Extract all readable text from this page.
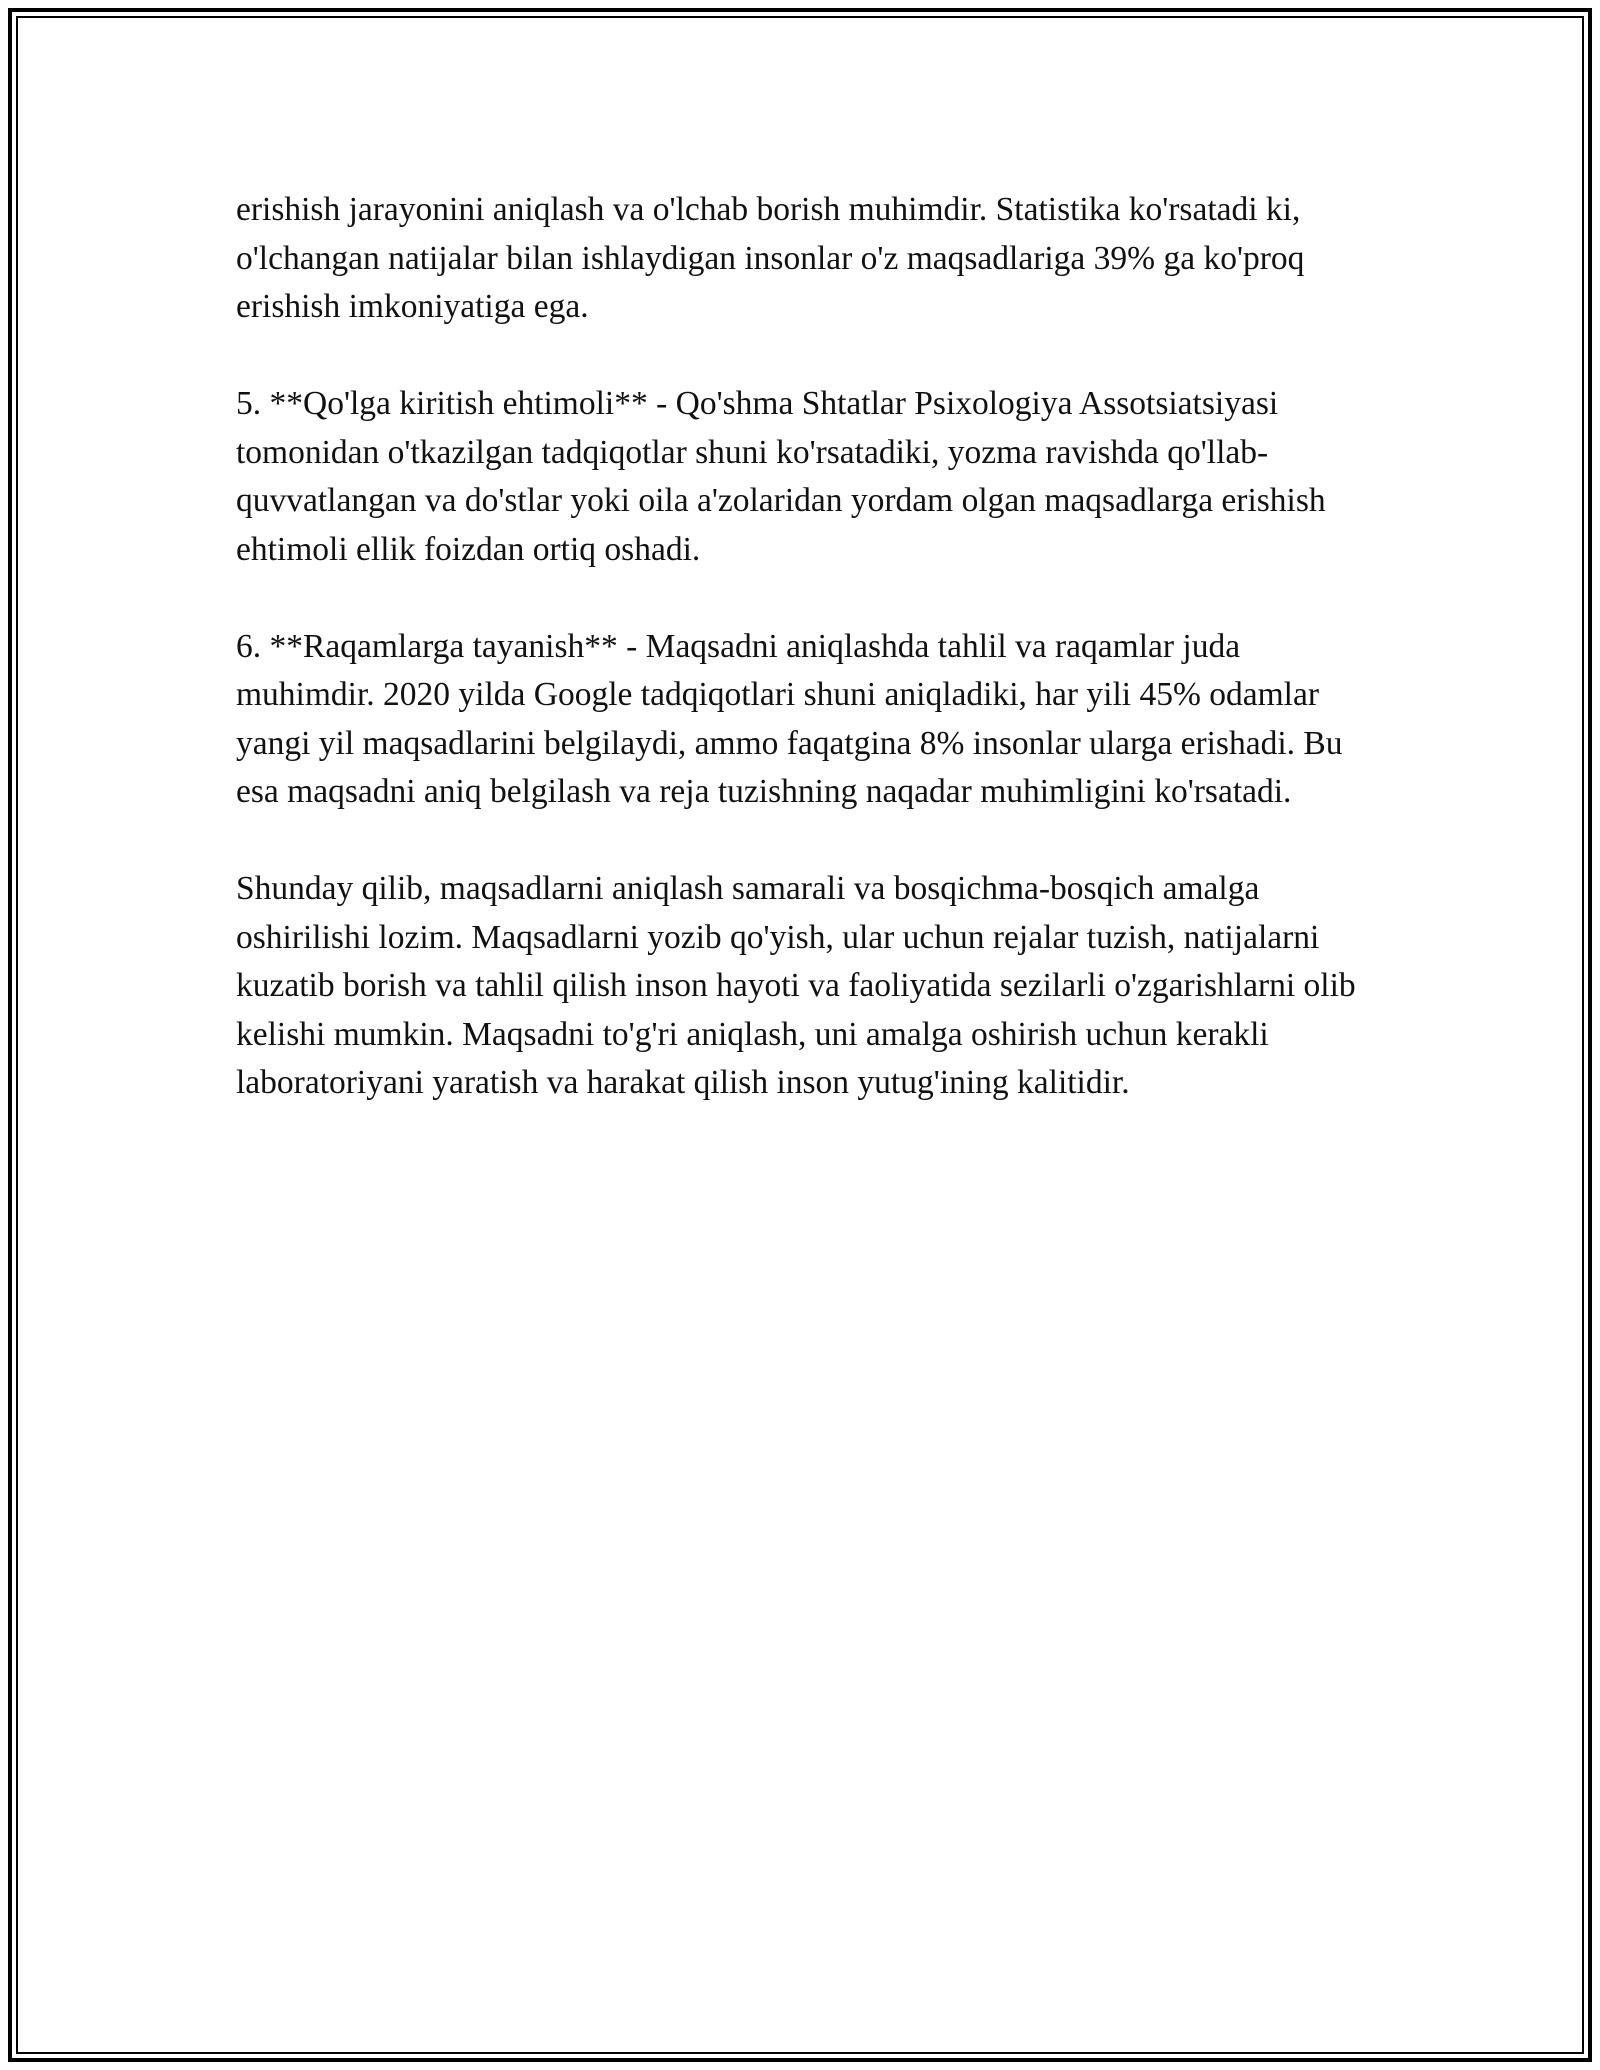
erishish jarayonini aniqlash va o'lchab borish muhimdir. Statistika ko'rsatadi ki, o'lchangan natijalar bilan ishlaydigan insonlar o'z maqsadlariga 39% ga ko'proq erishish imkoniyatiga ega.

5. **Qo'lga kiritish ehtimoli** - Qo'shma Shtatlar Psixologiya Assotsiatsiyasi tomonidan o'tkazilgan tadqiqotlar shuni ko'rsatadiki, yozma ravishda qo'llab-quvvatlangan va do'stlar yoki oila a'zolaridan yordam olgan maqsadlarga erishish ehtimoli ellik foizdan ortiq oshadi.

6. **Raqamlarga tayanish** - Maqsadni aniqlashda tahlil va raqamlar juda muhimdir. 2020 yilda Google tadqiqotlari shuni aniqladiki, har yili 45% odamlar yangi yil maqsadlarini belgilaydi, ammo faqatgina 8% insonlar ularga erishadi. Bu esa maqsadni aniq belgilash va reja tuzishning naqadar muhimligini ko'rsatadi.

Shunday qilib, maqsadlarni aniqlash samarali va bosqichma-bosqich amalga oshirilishi lozim. Maqsadlarni yozib qo'yish, ular uchun rejalar tuzish, natijalarni kuzatib borish va tahlil qilish inson hayoti va faoliyatida sezilarli o'zgarishlarni olib kelishi mumkin. Maqsadni to'g'ri aniqlash, uni amalga oshirish uchun kerakli laboratoriyani yaratish va harakat qilish inson yutug'ining kalitidir.
